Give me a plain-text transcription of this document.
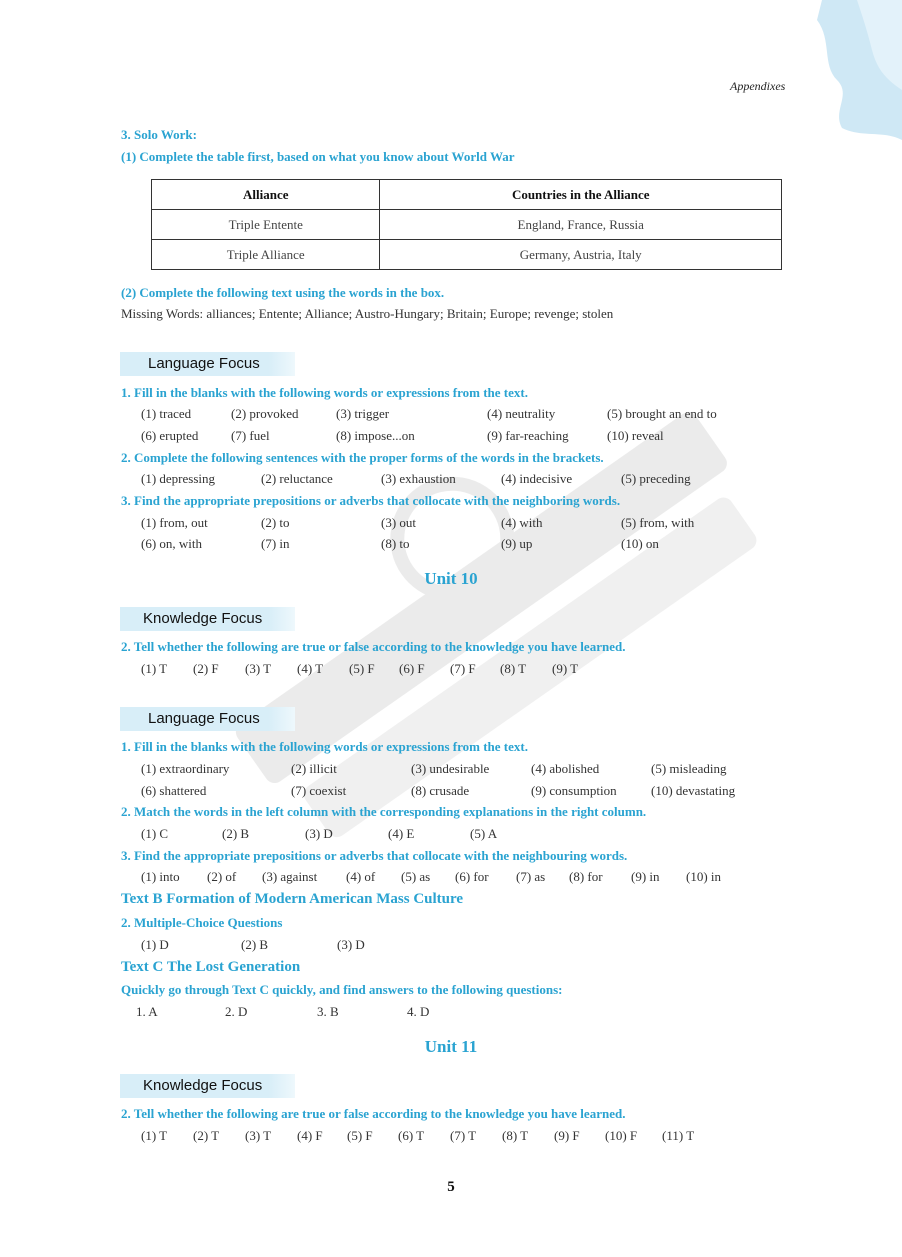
Appendixes
3. Solo Work:
(1) Complete the table first, based on what you know about World War
Alliance	Countries in the Alliance
Triple Entente	England, France, Russia
Triple Alliance	Germany, Austria, Italy
(2) Complete the following text using the words in the box.
Missing Words: alliances; Entente; Alliance; Austro-Hungary; Britain; Europe; revenge; stolen
Language Focus
1. Fill in the blanks with the following words or expressions from the text.
(1) traced	(2) provoked	(3) trigger	(4) neutrality	(5) brought an end to
(6) erupted	(7) fuel	(8) impose...on	(9) far-reaching	(10) reveal
2. Complete the following sentences with the proper forms of the words in the brackets.
(1) depressing	(2) reluctance	(3) exhaustion	(4) indecisive	(5) preceding
3. Find the appropriate prepositions or adverbs that collocate with the neighboring words.
(1) from, out	(2) to	(3) out	(4) with	(5) from, with
(6) on, with	(7) in	(8) to	(9) up	(10) on
Unit 10
Knowledge Focus
2. Tell whether the following are true or false according to the knowledge you have learned.
(1) T (2) F (3) T (4) T (5) F (6) F (7) F (8) T (9) T
Language Focus
1. Fill in the blanks with the following words or expressions from the text.
(1) extraordinary	(2) illicit	(3) undesirable	(4) abolished	(5) misleading
(6) shattered	(7) coexist	(8) crusade	(9) consumption	(10) devastating
2. Match the words in the left column with the corresponding explanations in the right column.
(1) C	(2) B	(3) D	(4) E	(5) A
3. Find the appropriate prepositions or adverbs that collocate with the neighbouring words.
(1) into (2) of (3) against (4) of (5) as (6) for (7) as (8) for (9) in (10) in
Text B Formation of Modern American Mass Culture
2. Multiple-Choice Questions
(1) D	(2) B	(3) D
Text C The Lost Generation
Quickly go through Text C quickly, and find answers to the following questions:
1. A	2. D	3. B	4. D
Unit 11
Knowledge Focus
2. Tell whether the following are true or false according to the knowledge you have learned.
(1) T (2) T (3) T (4) F (5) F (6) T (7) T (8) T (9) F (10) F (11) T
5
